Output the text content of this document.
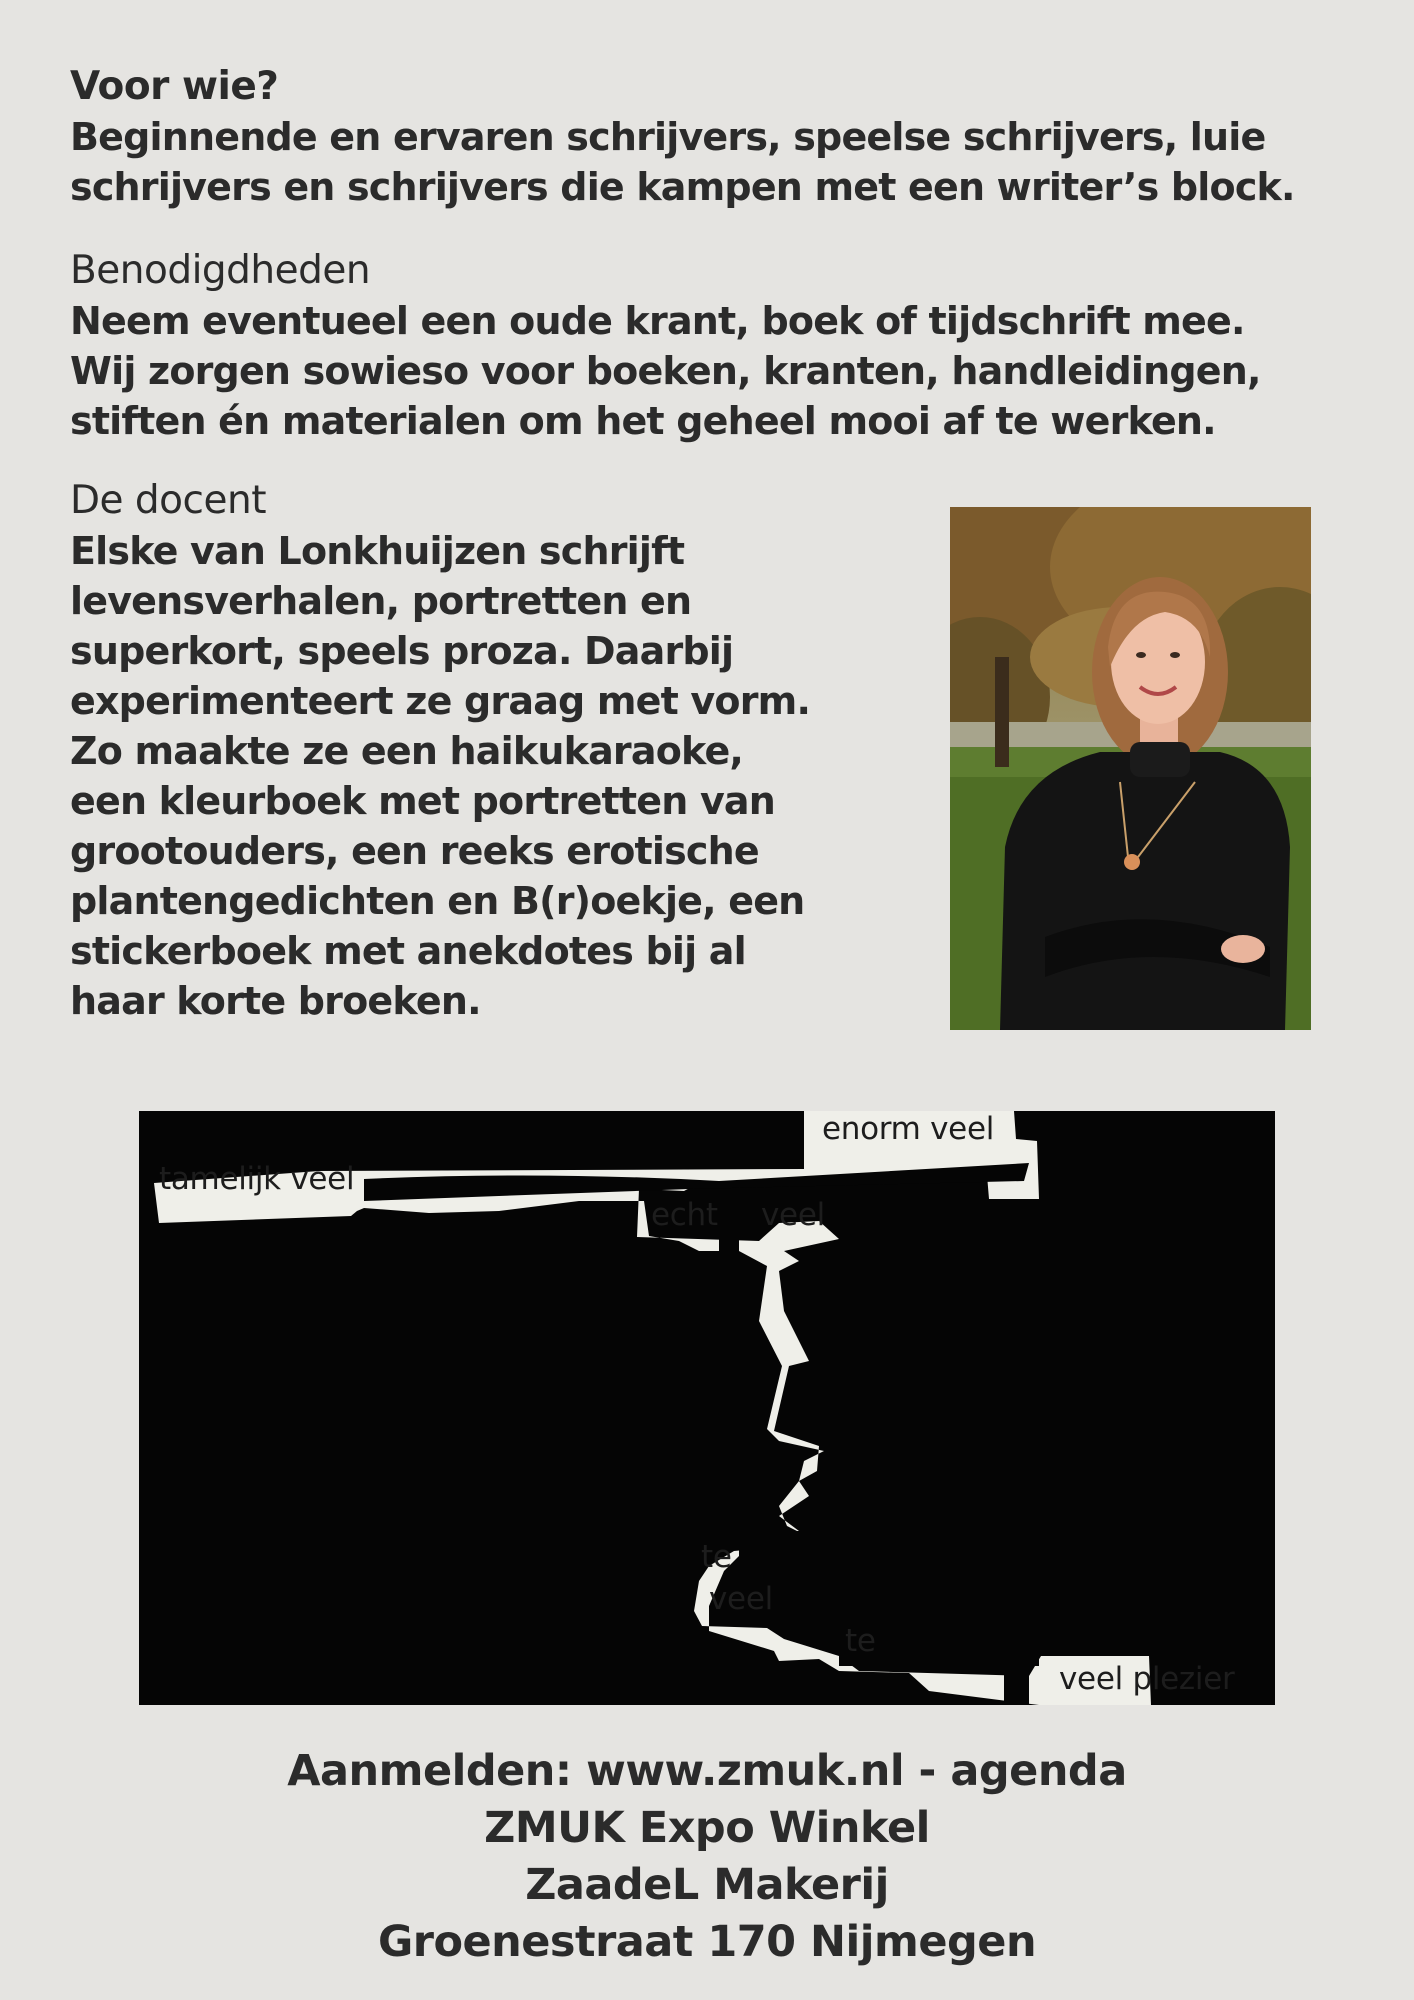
Voor wie?

Beginnende en ervaren schrijvers, speelse schrijvers, luie
schrijvers en schrijvers die kampen met een writer’s block.

Benodigdheden

Neem eventueel een oude krant, boek of tijdschrift mee.
Wij zorgen sowieso voor boeken, kranten, handleidingen,
stiften én materialen om het geheel mooi af te werken.

De docent

Elske van Lonkhuijzen schrijft
levensverhalen, portretten en
superkort, speels proza. Daarbij
experimenteert ze graag met vorm.
Zo maakte ze een haikukaraoke,
een kleurboek met portretten van
grootouders, een reeks erotische
plantengedichten en B(r)oekje, een
stickerboek met anekdotes bij al
haar korte broeken.

enorm veel
tamelijk veel
echt veel
te
veel
te
veel plezier
Aanmelden: www.zmuk.nl - agenda
ZMUK Expo Winkel
ZaadeL Makerij
Groenestraat 170 Nijmegen
